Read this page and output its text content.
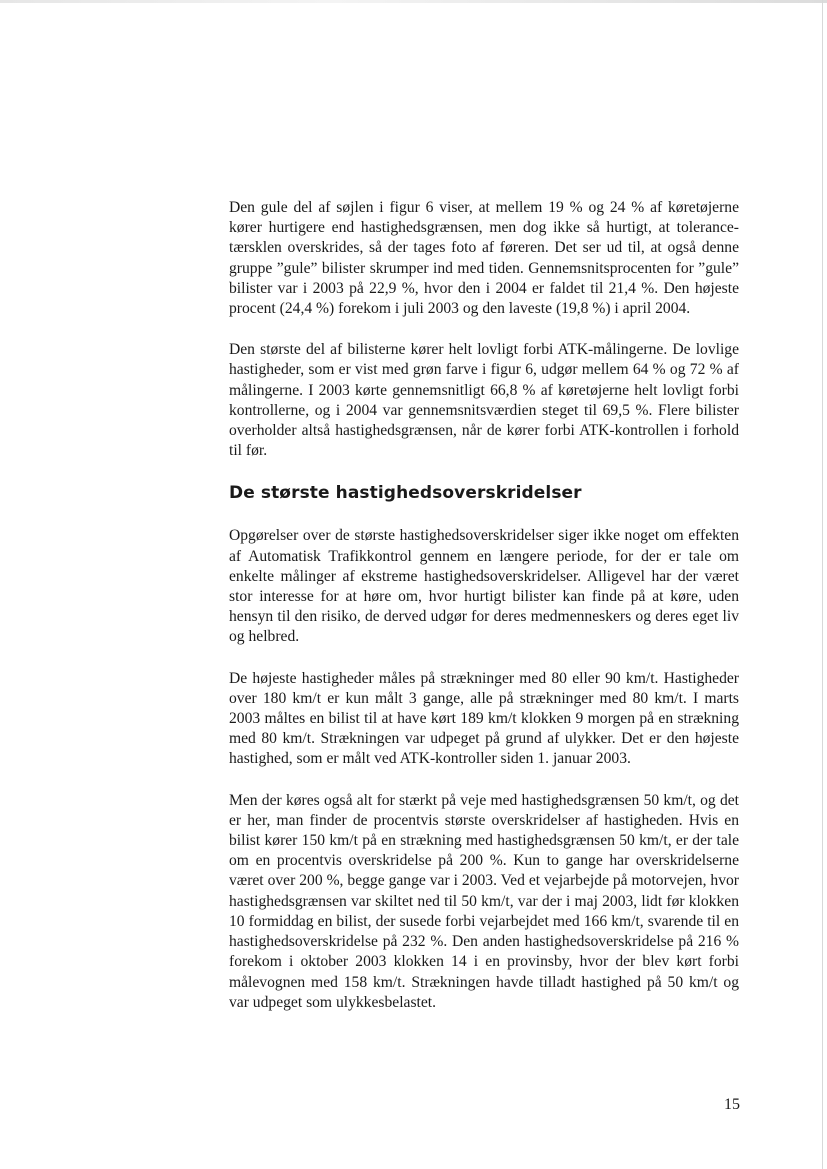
Den gule del af søjlen i figur 6 viser, at mellem 19 % og 24 % af køretøjerne kører hurtigere end hastighedsgrænsen, men dog ikke så hurtigt, at tolerancetærsklen overskrides, så der tages foto af føreren. Det ser ud til, at også denne gruppe ”gule” bilister skrumper ind med tiden. Gennemsnitsprocenten for ”gule” bilister var i 2003 på 22,9 %, hvor den i 2004 er faldet til 21,4 %. Den højeste procent (24,4 %) forekom i juli 2003 og den laveste (19,8 %) i april 2004.

Den største del af bilisterne kører helt lovligt forbi ATK-målingerne. De lovlige hastigheder, som er vist med grøn farve i figur 6, udgør mellem 64 % og 72 % af målingerne. I 2003 kørte gennemsnitligt 66,8 % af køretøjerne helt lovligt forbi kontrollerne, og i 2004 var gennemsnitsværdien steget til 69,5 %. Flere bilister overholder altså hastighedsgrænsen, når de kører forbi ATK-kontrollen i forhold til før.

De største hastighedsoverskridelser

Opgørelser over de største hastighedsoverskridelser siger ikke noget om effekten af Automatisk Trafikkontrol gennem en længere periode, for der er tale om enkelte målinger af ekstreme hastighedsoverskridelser. Alligevel har der været stor interesse for at høre om, hvor hurtigt bilister kan finde på at køre, uden hensyn til den risiko, de derved udgør for deres medmenneskers og deres eget liv og helbred.

De højeste hastigheder måles på strækninger med 80 eller 90 km/t. Hastigheder over 180 km/t er kun målt 3 gange, alle på strækninger med 80 km/t. I marts 2003 måltes en bilist til at have kørt 189 km/t klokken 9 morgen på en strækning med 80 km/t. Strækningen var udpeget på grund af ulykker. Det er den højeste hastighed, som er målt ved ATK-kontroller siden 1. januar 2003.

Men der køres også alt for stærkt på veje med hastighedsgrænsen 50 km/t, og det er her, man finder de procentvis største overskridelser af hastigheden. Hvis en bilist kører 150 km/t på en strækning med hastighedsgrænsen 50 km/t, er der tale om en procentvis overskridelse på 200 %. Kun to gange har overskridelserne været over 200 %, begge gange var i 2003. Ved et vejarbejde på motorvejen, hvor hastighedsgrænsen var skiltet ned til 50 km/t, var der i maj 2003, lidt før klokken 10 formiddag en bilist, der susede forbi vejarbejdet med 166 km/t, svarende til en hastighedsoverskridelse på 232 %. Den anden hastighedsoverskridelse på 216 % forekom i oktober 2003 klokken 14 i en provinsby, hvor der blev kørt forbi målevognen med 158 km/t. Strækningen havde tilladt hastighed på 50 km/t og var udpeget som ulykkesbelastet.

15
